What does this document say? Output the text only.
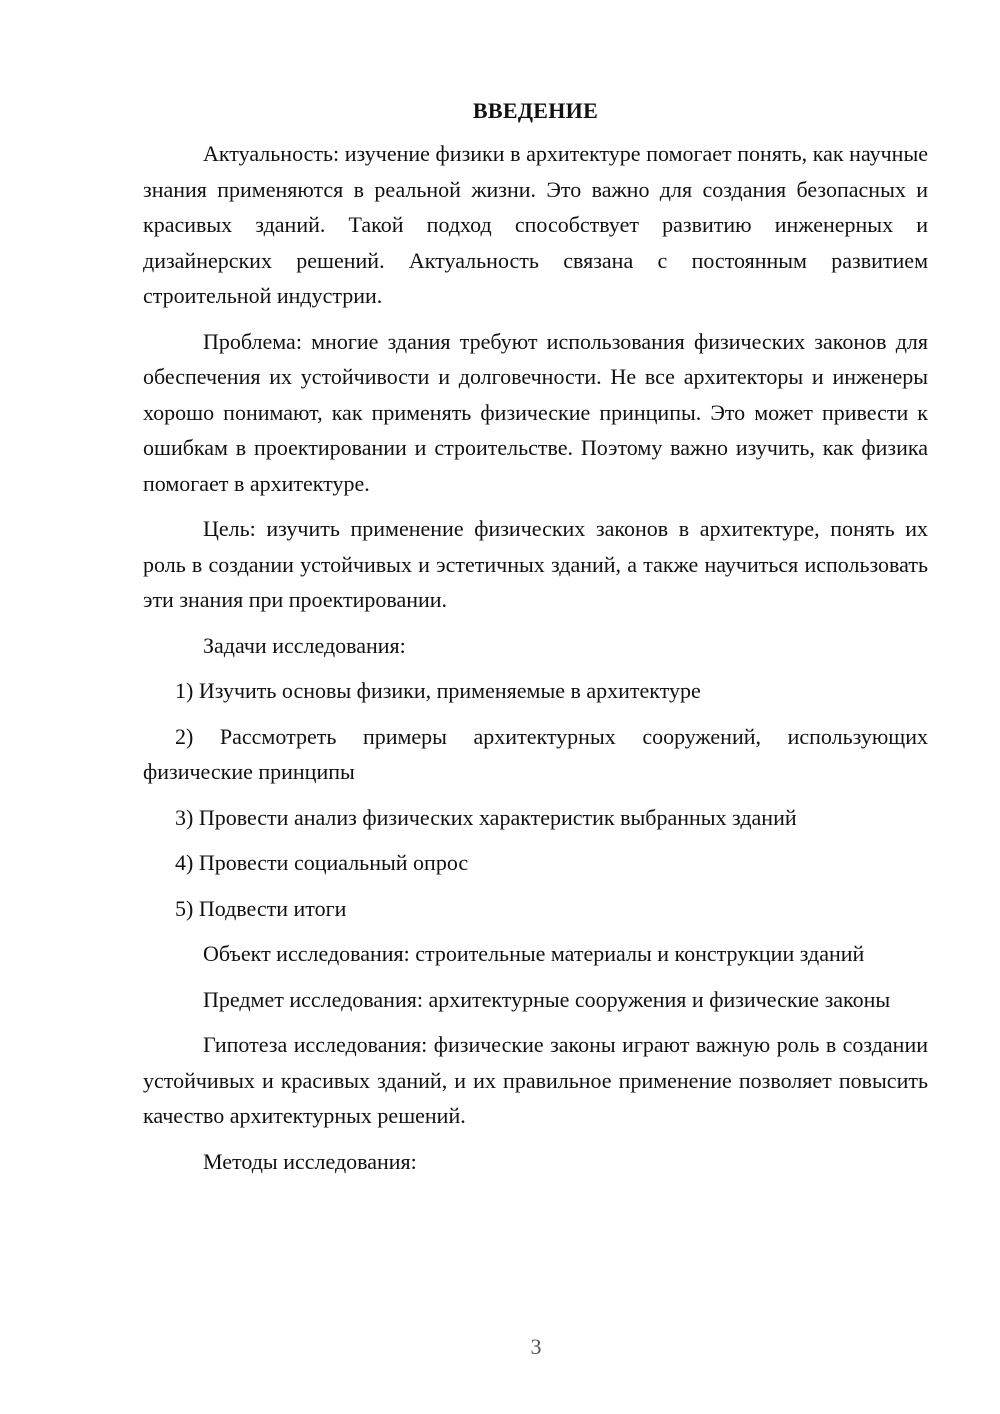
ВВЕДЕНИЕ

Актуальность: изучение физики в архитектуре помогает понять, как научные знания применяются в реальной жизни. Это важно для создания безопасных и красивых зданий. Такой подход способствует развитию инженерных и дизайнерских решений. Актуальность связана с постоянным развитием строительной индустрии.

Проблема: многие здания требуют использования физических законов для обеспечения их устойчивости и долговечности. Не все архитекторы и инженеры хорошо понимают, как применять физические принципы. Это может привести к ошибкам в проектировании и строительстве. Поэтому важно изучить, как физика помогает в архитектуре.

Цель: изучить применение физических законов в архитектуре, понять их роль в создании устойчивых и эстетичных зданий, а также научиться использовать эти знания при проектировании.

Задачи исследования:

1) Изучить основы физики, применяемые в архитектуре

2) Рассмотреть примеры архитектурных сооружений, использующих физические принципы

3) Провести анализ физических характеристик выбранных зданий

4) Провести социальный опрос

5) Подвести итоги

Объект исследования: строительные материалы и конструкции зданий

Предмет исследования: архитектурные сооружения и физические законы

Гипотеза исследования: физические законы играют важную роль в создании устойчивых и красивых зданий, и их правильное применение позволяет повысить качество архитектурных решений.

Методы исследования:

3
